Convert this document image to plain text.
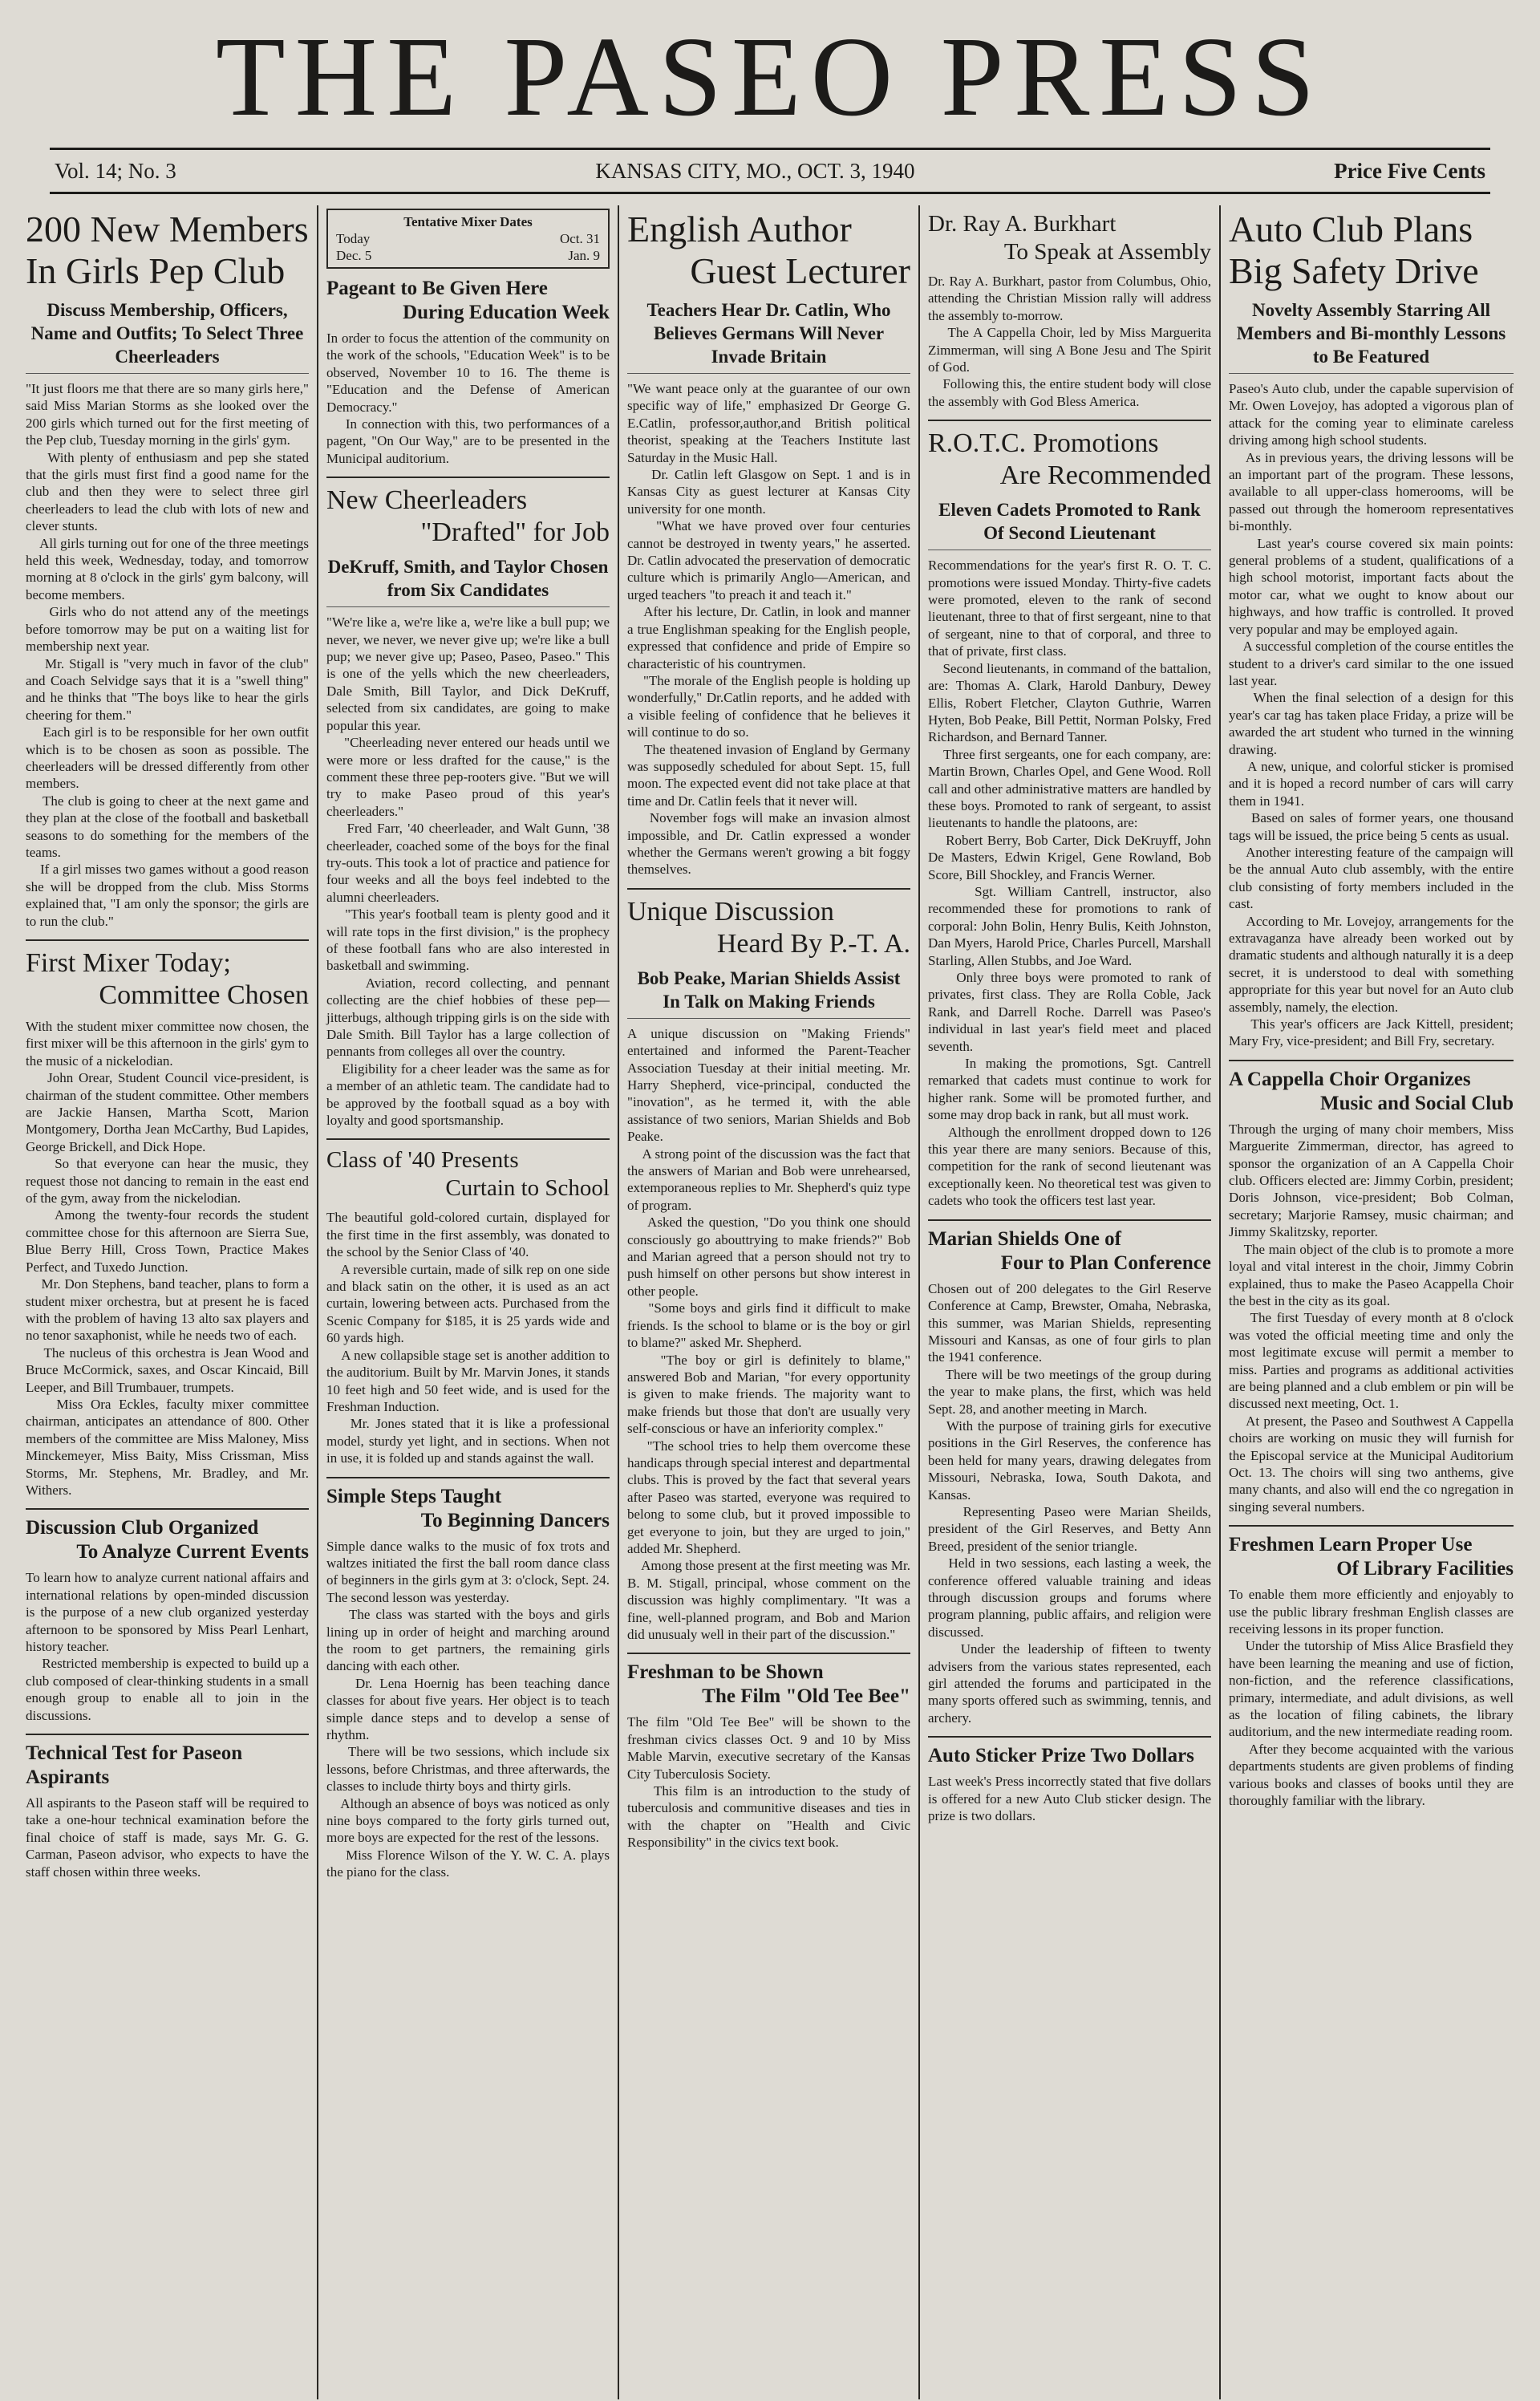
THE PASEO PRESS
Vol. 14; No. 3	KANSAS CITY, MO., OCT. 3, 1940	Price Five Cents
200 New Members
In Girls Pep Club
Discuss Membership, Officers, Name and Outfits; To Select Three Cheerleaders

"It just floors me that there are so many girls here," said Miss Marian Storms as she looked over the 200 girls which turned out for the first meeting of the Pep club, Tuesday morning in the girls' gym.
With plenty of enthusiasm and pep she stated that the girls must first find a good name for the club and then they were to select three girl cheerleaders to lead the club with lots of new and clever stunts.
All girls turning out for one of the three meetings held this week, Wednesday, today, and tomorrow morning at 8 o'clock in the girls' gym balcony, will become members.
Girls who do not attend any of the meetings before tomorrow may be put on a waiting list for membership next year.
Mr. Stigall is "very much in favor of the club" and Coach Selvidge says that it is a "swell thing" and he thinks that "The boys like to hear the girls cheering for them."
Each girl is to be responsible for her own outfit which is to be chosen as soon as possible. The cheerleaders will be dressed differently from other members.
The club is going to cheer at the next game and they plan at the close of the football and basketball seasons to do something for the members of the teams.
If a girl misses two games without a good reason she will be dropped from the club. Miss Storms explained that, "I am only the sponsor; the girls are to run the club."

First Mixer Today;
Committee Chosen

With the student mixer committee now chosen, the first mixer will be this afternoon in the girls' gym to the music of a nickelodian.
John Orear, Student Council vice-president, is chairman of the student committee. Other members are Jackie Hansen, Martha Scott, Marion Montgomery, Dortha Jean McCarthy, Bud Lapides, George Brickell, and Dick Hope.
So that everyone can hear the music, they request those not dancing to remain in the east end of the gym, away from the nickelodian.
Among the twenty-four records the student committee chose for this afternoon are Sierra Sue, Blue Berry Hill, Cross Town, Practice Makes Perfect, and Tuxedo Junction.
Mr. Don Stephens, band teacher, plans to form a student mixer orchestra, but at present he is faced with the problem of having 13 alto sax players and no tenor saxaphonist, while he needs two of each.
The nucleus of this orchestra is Jean Wood and Bruce McCormick, saxes, and Oscar Kincaid, Bill Leeper, and Bill Trumbauer, trumpets.
Miss Ora Eckles, faculty mixer committee chairman, anticipates an attendance of 800. Other members of the committee are Miss Maloney, Miss Minckemeyer, Miss Baity, Miss Crissman, Miss Storms, Mr. Stephens, Mr. Bradley, and Mr. Withers.

Discussion Club Organized
To Analyze Current Events

To learn how to analyze current national affairs and international relations by open-minded discussion is the purpose of a new club organized yesterday afternoon to be sponsored by Miss Pearl Lenhart, history teacher.
Restricted membership is expected to build up a club composed of clear-thinking students in a small enough group to enable all to join in the discussions.

Technical Test for Paseon Aspirants

All aspirants to the Paseon staff will be required to take a one-hour technical examination before the final choice of staff is made, says Mr. G. G. Carman, Paseon advisor, who expects to have the staff chosen within three weeks.

Tentative Mixer Dates
Today	Oct. 31
Dec. 5	Jan. 9
Pageant to Be Given Here
During Education Week

In order to focus the attention of the community on the work of the schools, "Education Week" is to be observed, November 10 to 16. The theme is "Education and the Defense of American Democracy."
In connection with this, two performances of a pagent, "On Our Way," are to be presented in the Municipal auditorium.

New Cheerleaders
"Drafted" for Job
DeKruff, Smith, and Taylor Chosen from Six Candidates

"We're like a, we're like a, we're like a bull pup; we never, we never, we never give up; we're like a bull pup; we never give up; Paseo, Paseo, Paseo." This is one of the yells which the new cheerleaders, Dale Smith, Bill Taylor, and Dick DeKruff, selected from six candidates, are going to make popular this year.
"Cheerleading never entered our heads until we were more or less drafted for the cause," is the comment these three pep-rooters give. "But we will try to make Paseo proud of this year's cheerleaders."
Fred Farr, '40 cheerleader, and Walt Gunn, '38 cheerleader, coached some of the boys for the final try-outs. This took a lot of practice and patience for four weeks and all the boys feel indebted to the alumni cheerleaders.
"This year's football team is plenty good and it will rate tops in the first division," is the prophecy of these football fans who are also interested in basketball and swimming.
Aviation, record collecting, and pennant collecting are the chief hobbies of these pep—jitterbugs, although tripping girls is on the side with Dale Smith. Bill Taylor has a large collection of pennants from colleges all over the country.
Eligibility for a cheer leader was the same as for a member of an athletic team. The candidate had to be approved by the football squad as a boy with loyalty and good sportsmanship.

Class of '40 Presents
Curtain to School

The beautiful gold-colored curtain, displayed for the first time in the first assembly, was donated to the school by the Senior Class of '40.
A reversible curtain, made of silk rep on one side and black satin on the other, it is used as an act curtain, lowering between acts. Purchased from the Scenic Company for $185, it is 25 yards wide and 60 yards high.
A new collapsible stage set is another addition to the auditorium. Built by Mr. Marvin Jones, it stands 10 feet high and 50 feet wide, and is used for the Freshman Induction.
Mr. Jones stated that it is like a professional model, sturdy yet light, and in sections. When not in use, it is folded up and stands against the wall.

Simple Steps Taught
To Beginning Dancers

Simple dance walks to the music of fox trots and waltzes initiated the first the ball room dance class of beginners in the girls gym at 3: o'clock, Sept. 24. The second lesson was yesterday.
The class was started with the boys and girls lining up in order of height and marching around the room to get partners, the remaining girls dancing with each other.
Dr. Lena Hoernig has been teaching dance classes for about five years. Her object is to teach simple dance steps and to develop a sense of rhythm.
There will be two sessions, which include six lessons, before Christmas, and three afterwards, the classes to include thirty boys and thirty girls.
Although an absence of boys was noticed as only nine boys compared to the forty girls turned out, more boys are expected for the rest of the lessons.
Miss Florence Wilson of the Y. W. C. A. plays the piano for the class.

English Author
Guest Lecturer
Teachers Hear Dr. Catlin, Who Believes Germans Will Never Invade Britain

"We want peace only at the guarantee of our own specific way of life," emphasized Dr George G. E.Catlin, professor,author,and British political theorist, speaking at the Teachers Institute last Saturday in the Music Hall.
Dr. Catlin left Glasgow on Sept. 1 and is in Kansas City as guest lecturer at Kansas City university for one month.
"What we have proved over four centuries cannot be destroyed in twenty years," he asserted. Dr. Catlin advocated the preservation of democratic culture which is primarily Anglo—American, and urged teachers "to preach it and teach it."
After his lecture, Dr. Catlin, in look and manner a true Englishman speaking for the English people, expressed that confidence and pride of Empire so characteristic of his countrymen.
"The morale of the English people is holding up wonderfully," Dr.Catlin reports, and he added with a visible feeling of confidence that he believes it will continue to do so.
The theatened invasion of England by Germany was supposedly scheduled for about Sept. 15, full moon. The expected event did not take place at that time and Dr. Catlin feels that it never will.
November fogs will make an invasion almost impossible, and Dr. Catlin expressed a wonder whether the Germans weren't growing a bit foggy themselves.

Unique Discussion
Heard By P.-T. A.
Bob Peake, Marian Shields Assist In Talk on Making Friends

A unique discussion on "Making Friends" entertained and informed the Parent-Teacher Association Tuesday at their initial meeting. Mr. Harry Shepherd, vice-principal, conducted the "inovation", as he termed it, with the able assistance of two seniors, Marian Shields and Bob Peake.
A strong point of the discussion was the fact that the answers of Marian and Bob were unrehearsed, extemporaneous replies to Mr. Shepherd's quiz type of program.
Asked the question, "Do you think one should consciously go abouttrying to make friends?" Bob and Marian agreed that a person should not try to push himself on other persons but show interest in other people.
"Some boys and girls find it difficult to make friends. Is the school to blame or is the boy or girl to blame?" asked Mr. Shepherd.
"The boy or girl is definitely to blame," answered Bob and Marian, "for every opportunity is given to make friends. The majority want to make friends but those that don't are usually very self-conscious or have an inferiority complex."
"The school tries to help them overcome these handicaps through special interest and departmental clubs. This is proved by the fact that several years after Paseo was started, everyone was required to belong to some club, but it proved impossible to get everyone to join, but they are urged to join," added Mr. Shepherd.
Among those present at the first meeting was Mr. B. M. Stigall, principal, whose comment on the discussion was highly complimentary. "It was a fine, well-planned program, and Bob and Marion did unusualy well in their part of the discussion."

Freshman to be Shown
The Film "Old Tee Bee"

The film "Old Tee Bee" will be shown to the freshman civics classes Oct. 9 and 10 by Miss Mable Marvin, executive secretary of the Kansas City Tuberculosis Society.
This film is an introduction to the study of tuberculosis and communitive diseases and ties in with the chapter on "Health and Civic Responsibility" in the civics text book.

Dr. Ray A. Burkhart
To Speak at Assembly

Dr. Ray A. Burkhart, pastor from Columbus, Ohio, attending the Christian Mission rally will address the assembly to-morrow.
The A Cappella Choir, led by Miss Marguerita Zimmerman, will sing A Bone Jesu and The Spirit of God.
Following this, the entire student body will close the assembly with God Bless America.

R.O.T.C. Promotions
Are Recommended
Eleven Cadets Promoted to Rank Of Second Lieutenant

Recommendations for the year's first R. O. T. C. promotions were issued Monday. Thirty-five cadets were promoted, eleven to the rank of second lieutenant, three to that of first sergeant, nine to that of sergeant, nine to that of corporal, and three to that of private, first class.
Second lieutenants, in command of the battalion, are: Thomas A. Clark, Harold Danbury, Dewey Ellis, Robert Fletcher, Clayton Guthrie, Warren Hyten, Bob Peake, Bill Pettit, Norman Polsky, Fred Richardson, and Bernard Tanner.
Three first sergeants, one for each company, are: Martin Brown, Charles Opel, and Gene Wood. Roll call and other administrative matters are handled by these boys. Promoted to rank of sergeant, to assist lieutenants to handle the platoons, are:
Robert Berry, Bob Carter, Dick DeKruyff, John De Masters, Edwin Krigel, Gene Rowland, Bob Score, Bill Shockley, and Francis Werner.
Sgt. William Cantrell, instructor, also recommended these for promotions to rank of corporal: John Bolin, Henry Bulis, Keith Johnston, Dan Myers, Harold Price, Charles Purcell, Marshall Starling, Allen Stubbs, and Joe Ward.
Only three boys were promoted to rank of privates, first class. They are Rolla Coble, Jack Rank, and Darrell Roche. Darrell was Paseo's individual in last year's field meet and placed seventh.
In making the promotions, Sgt. Cantrell remarked that cadets must continue to work for higher rank. Some will be promoted further, and some may drop back in rank, but all must work.
Although the enrollment dropped down to 126 this year there are many seniors. Because of this, competition for the rank of second lieutenant was exceptionally keen. No theoretical test was given to cadets who took the officers test last year.

Marian Shields One of
Four to Plan Conference

Chosen out of 200 delegates to the Girl Reserve Conference at Camp, Brewster, Omaha, Nebraska, this summer, was Marian Shields, representing Missouri and Kansas, as one of four girls to plan the 1941 conference.
There will be two meetings of the group during the year to make plans, the first, which was held Sept. 28, and another meeting in March.
With the purpose of training girls for executive positions in the Girl Reserves, the conference has been held for many years, drawing delegates from Missouri, Nebraska, Iowa, South Dakota, and Kansas.
Representing Paseo were Marian Sheilds, president of the Girl Reserves, and Betty Ann Breed, president of the senior triangle.
Held in two sessions, each lasting a week, the conference offered valuable training and ideas through discussion groups and forums where program planning, public affairs, and religion were discussed.
Under the leadership of fifteen to twenty advisers from the various states represented, each girl attended the forums and participated in the many sports offered such as swimming, tennis, and archery.

Auto Sticker Prize Two Dollars

Last week's Press incorrectly stated that five dollars is offered for a new Auto Club sticker design. The prize is two dollars.

Auto Club Plans
Big Safety Drive
Novelty Assembly Starring All Members and Bi-monthly Lessons to Be Featured

Paseo's Auto club, under the capable supervision of Mr. Owen Lovejoy, has adopted a vigorous plan of attack for the coming year to eliminate careless driving among high school students.
As in previous years, the driving lessons will be an important part of the program. These lessons, available to all upper-class homerooms, will be passed out through the homeroom representatives bi-monthly.
Last year's course covered six main points: general problems of a student, qualifications of a high school motorist, important facts about the motor car, what we ought to know about our highways, and how traffic is controlled. It proved very popular and may be employed again.
A successful completion of the course entitles the student to a driver's card similar to the one issued last year.
When the final selection of a design for this year's car tag has taken place Friday, a prize will be awarded the art student who turned in the winning drawing.
A new, unique, and colorful sticker is promised and it is hoped a record number of cars will carry them in 1941.
Based on sales of former years, one thousand tags will be issued, the price being 5 cents as usual.
Another interesting feature of the campaign will be the annual Auto club assembly, with the entire club consisting of forty members included in the cast.
According to Mr. Lovejoy, arrangements for the extravaganza have already been worked out by dramatic students and although naturally it is a deep secret, it is understood to deal with something appropriate for this year but novel for an Auto club assembly, namely, the election.
This year's officers are Jack Kittell, president; Mary Fry, vice-president; and Bill Fry, secretary.

A Cappella Choir Organizes
Music and Social Club

Through the urging of many choir members, Miss Marguerite Zimmerman, director, has agreed to sponsor the organization of an A Cappella Choir club. Officers elected are: Jimmy Corbin, president; Doris Johnson, vice-president; Bob Colman, secretary; Marjorie Ramsey, music chairman; and Jimmy Skalitzsky, reporter.
The main object of the club is to promote a more loyal and vital interest in the choir, Jimmy Cobrin explained, thus to make the Paseo Acappella Choir the best in the city as its goal.
The first Tuesday of every month at 8 o'clock was voted the official meeting time and only the most legitimate excuse will permit a member to miss. Parties and programs as additional activities are being planned and a club emblem or pin will be discussed next meeting, Oct. 1.
At present, the Paseo and Southwest A Cappella choirs are working on music they will furnish for the Episcopal service at the Municipal Auditorium Oct. 13. The choirs will sing two anthems, give many chants, and also will end the co ngregation in singing several numbers.

Freshmen Learn Proper Use
Of Library Facilities

To enable them more efficiently and enjoyably to use the public library freshman English classes are receiving lessons in its proper function.
Under the tutorship of Miss Alice Brasfield they have been learning the meaning and use of fiction, non-fiction, and the reference classifications, primary, intermediate, and adult divisions, as well as the location of filing cabinets, the library auditorium, and the new intermediate reading room.
After they become acquainted with the various departments students are given problems of finding various books and classes of books until they are thoroughly familiar with the library.
